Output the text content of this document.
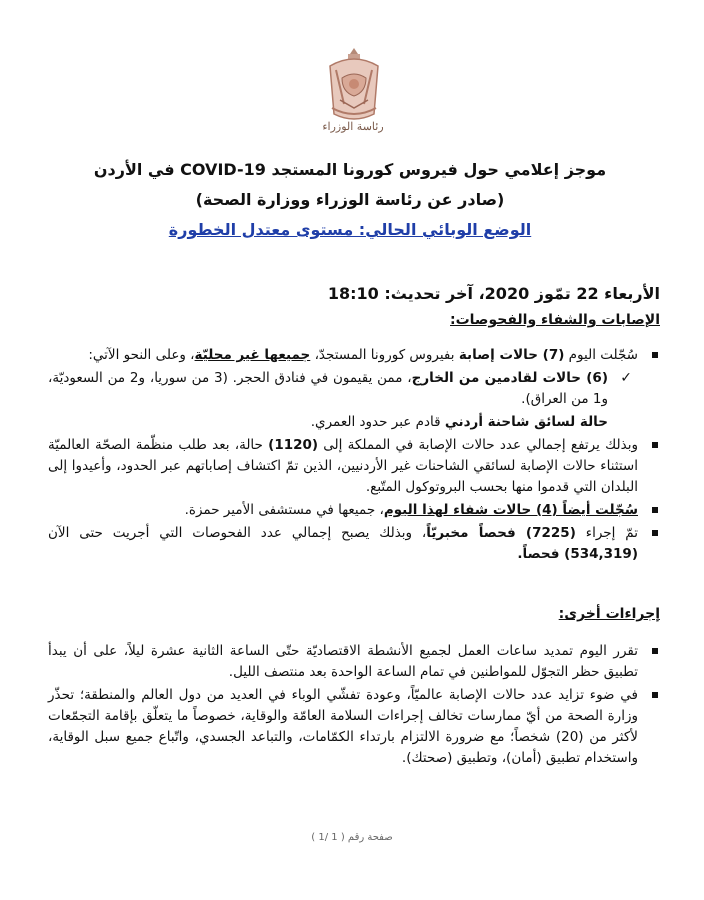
رئاسة الوزراء
موجز إعلامي حول فيروس كورونا المستجد COVID-19 في الأردن
(صادر عن رئاسة الوزراء ووزارة الصحة)
الوضع الوبائي الحالي: مستوى معتدل الخطورة
الأربعاء 22 تمّوز 2020، آخر تحديث: 18:10
الإصابات والشفاء والفحوصات:
سُجّلت اليوم (7) حالات إصابة بفيروس كورونا المستجدّ، جميعها غير محليّة، وعلى النحو الآتي:
✓
(6) حالات لقادمين من الخارج، ممن يقيمون في فنادق الحجر. (3 من سوريا، و2 من السعوديّة، و1 من العراق).
حالة لسائق شاحنة أردني قادم عبر حدود العمري.
وبذلك يرتفع إجمالي عدد حالات الإصابة في المملكة إلى (1120) حالة، بعد طلب منظّمة الصحّة العالميّة استثناء حالات الإصابة لسائقي الشاحنات غير الأردنيين، الذين تمّ اكتشاف إصاباتهم عبر الحدود، وأعيدوا إلى البلدان التي قدموا منها بحسب البروتوكول المتّبع.
سُجّلت أيضاً (4) حالات شفاء لهذا اليوم، جميعها في مستشفى الأمير حمزة.
تمّ إجراء (7225) فحصاً مخبريّاً، وبذلك يصبح إجمالي عدد الفحوصات التي أجريت حتى الآن (534,319) فحصاً.
إجراءات أخرى:
تقرر اليوم تمديد ساعات العمل لجميع الأنشطة الاقتصاديّة حتّى الساعة الثانية عشرة ليلاً، على أن يبدأ تطبيق حظر التجوّل للمواطنين في تمام الساعة الواحدة بعد منتصف الليل.
في ضوء تزايد عدد حالات الإصابة عالميّاً، وعودة تفشّي الوباء في العديد من دول العالم والمنطقة؛ تحذّر وزارة الصحة من أيّ ممارسات تخالف إجراءات السلامة العامّة والوقاية، خصوصاً ما يتعلّق بإقامة التجمّعات لأكثر من (20) شخصاً؛ مع ضرورة الالتزام بارتداء الكمّامات، والتباعد الجسدي، واتّباع جميع سبل الوقاية، واستخدام تطبيق (أمان)، وتطبيق (صحتك).
صفحة رقم ( 1 /1 )
